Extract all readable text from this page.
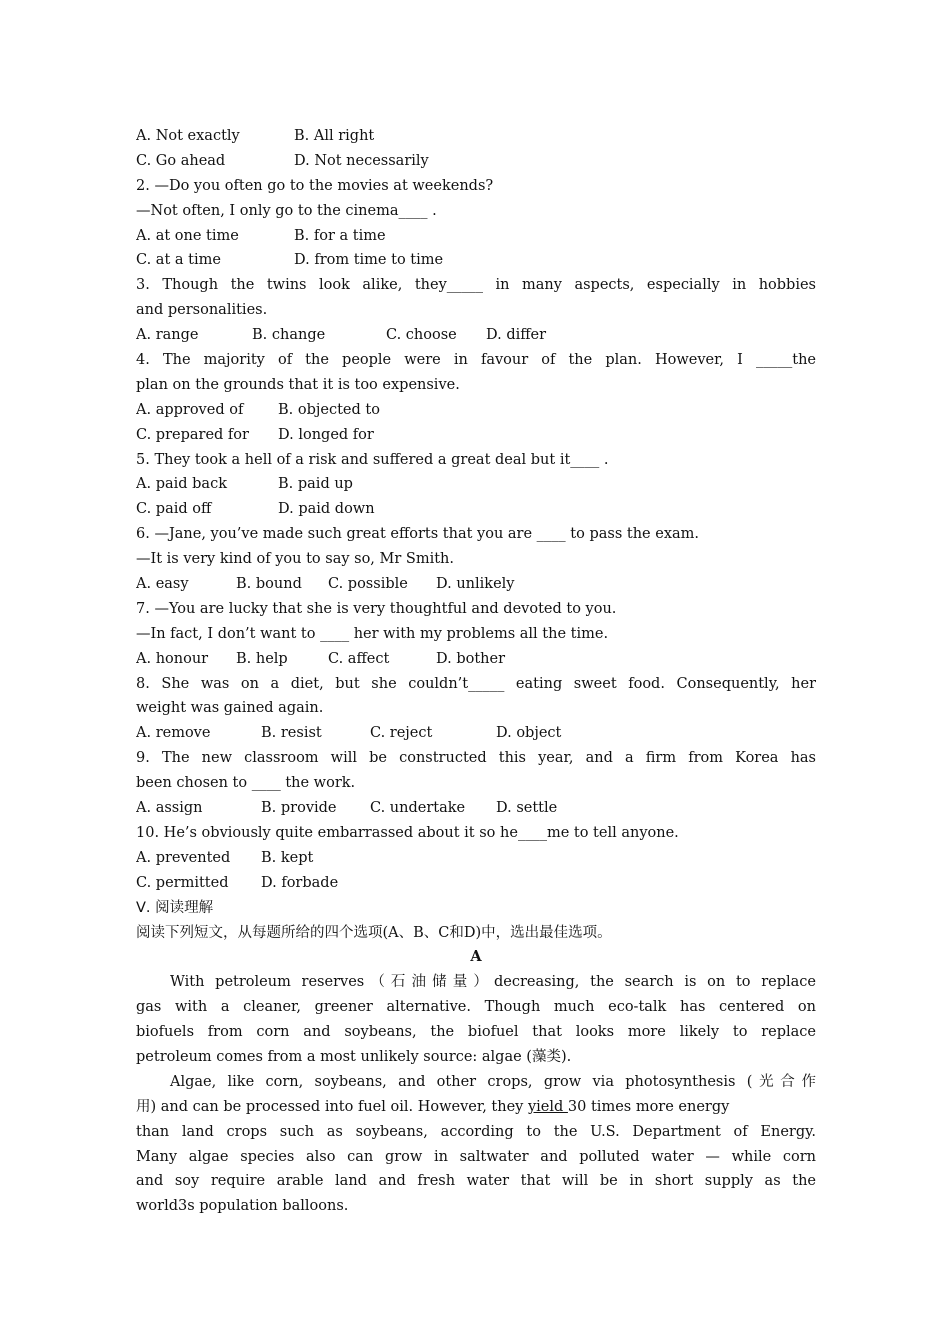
A. Not exactly	B. All right
C. Go ahead	D. Not necessarily
2. —Do you often go to the movies at weekends?
—Not often, I only go to the cinema____ .
A. at one time	B. for a time
C. at a time	D. from time to time
3. Though the twins look alike, they_____ in many aspects, especially in hobbies
and personalities.
A. range	B. change	C. choose D. differ
4. The majority of the people were in favour of the plan. However, I _____the
plan on the grounds that it is too expensive.
A. approved of B. objected to
C. prepared for D. longed for
5. They took a hell of a risk and suffered a great deal but it____ .
A. paid back	B. paid up
C. paid off	D. paid down
6. —Jane, you’ve made such great efforts that you are ____ to pass the exam.
—It is very kind of you to say so, Mr Smith.
A. easy	B. bound C. possible D. unlikely
7. —You are lucky that she is very thoughtful and devoted to you.
—In fact, I don’t want to ____ her with my problems all the time.
A. honour B. help	C. affect	D. bother
8. She was on a diet, but she couldn’t_____ eating sweet food. Consequently, her
weight was gained again.
A. remove	B. resist	C. reject	D. object
9. The new classroom will be constructed this year, and a firm from Korea has
been chosen to ____ the work.
A. assign	B. provide C. undertake D. settle
10. He’s obviously quite embarrassed about it so he____me to tell anyone.
A. prevented B. kept
C. permitted D. forbade
Ⅴ. 阅读理解
阅读下列短文，从每题所给的四个选项(A、B、C和D)中，选出最佳选项。
A
With petroleum reserves（石油储量）decreasing, the search is on to replace
gas with a cleaner, greener alternative. Though much eco-talk has centered on
biofuels from corn and soybeans, the biofuel that looks more likely to replace
petroleum comes from a most unlikely source: algae (藻类).
Algae, like corn, soybeans, and other crops, grow via photosynthesis (光合作
用) and can be processed into fuel oil. However, they yield 30 times more energy
than land crops such as soybeans, according to the U.S. Department of Energy.
Many algae species also can grow in saltwater and polluted water — while corn
and soy require arable land and fresh water that will be in short supply as the
world3s population balloons.
